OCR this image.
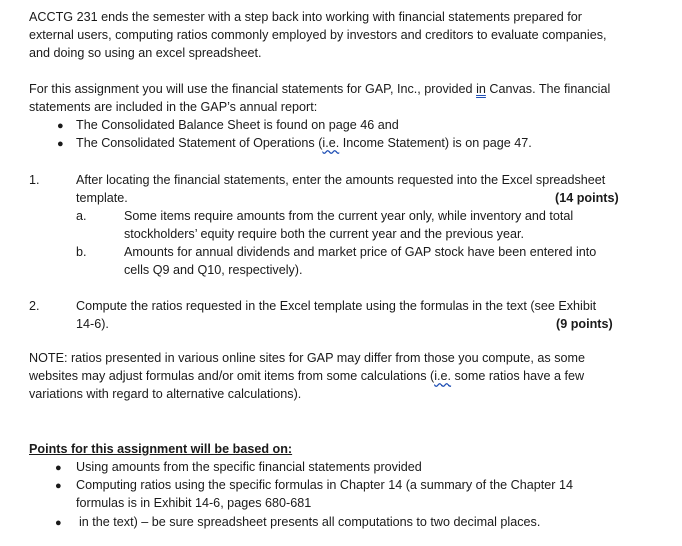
ACCTG 231 ends the semester with a step back into working with financial statements prepared for
external users, computing ratios commonly employed by investors and creditors to evaluate companies,
and doing so using an excel spreadsheet.
For this assignment you will use the financial statements for GAP, Inc., provided in Canvas. The financial
statements are included in the GAP’s annual report:
● The Consolidated Balance Sheet is found on page 46 and
● The Consolidated Statement of Operations (i.e. Income Statement) is on page 47.
1.	After locating the financial statements, enter the amounts requested into the Excel spreadsheet
template.	(14 points)
a.	Some items require amounts from the current year only, while inventory and total
stockholders’ equity require both the current year and the previous year.
b.	Amounts for annual dividends and market price of GAP stock have been entered into
cells Q9 and Q10, respectively).
2.	Compute the ratios requested in the Excel template using the formulas in the text (see Exhibit
14-6).	(9 points)
NOTE: ratios presented in various online sites for GAP may differ from those you compute, as some
websites may adjust formulas and/or omit items from some calculations (i.e. some ratios have a few
variations with regard to alternative calculations).
Points for this assignment will be based on:
● Using amounts from the specific financial statements provided
● Computing ratios using the specific formulas in Chapter 14 (a summary of the Chapter 14
formulas is in Exhibit 14-6, pages 680-681
● in the text) – be sure spreadsheet presents all computations to two decimal places.
